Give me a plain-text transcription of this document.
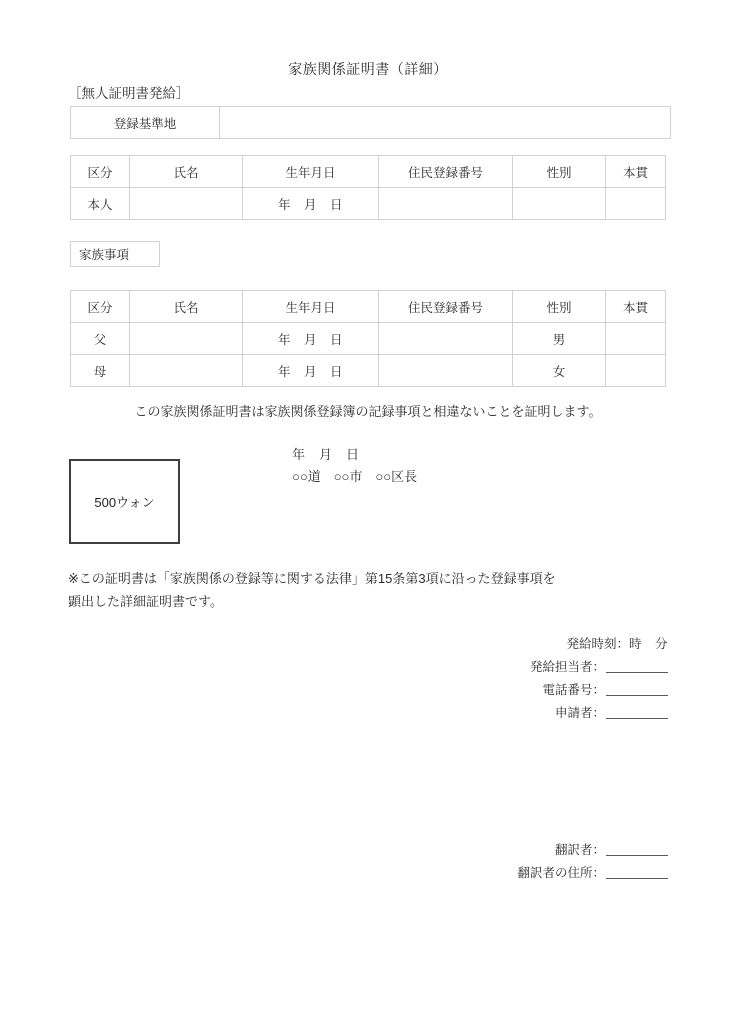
家族関係証明書（詳細）
［無人証明書発給］
登録基準地	
区分	氏名	生年月日	住民登録番号	性別	本貫
本人		年　月　日			
家族事項
区分	氏名	生年月日	住民登録番号	性別	本貫
父		年　月　日		男	
母		年　月　日		女	
この家族関係証明書は家族関係登録簿の記録事項と相違ないことを証明します。
年　月　日
○○道　○○市　○○区長
500ウォン
※この証明書は「家族関係の登録等に関する法律」第15条第3項に沿った登録事項を
顕出した詳細証明書です。
発給時刻：時　分
発給担当者：
電話番号：
申請者：
翻訳者：
翻訳者の住所：
